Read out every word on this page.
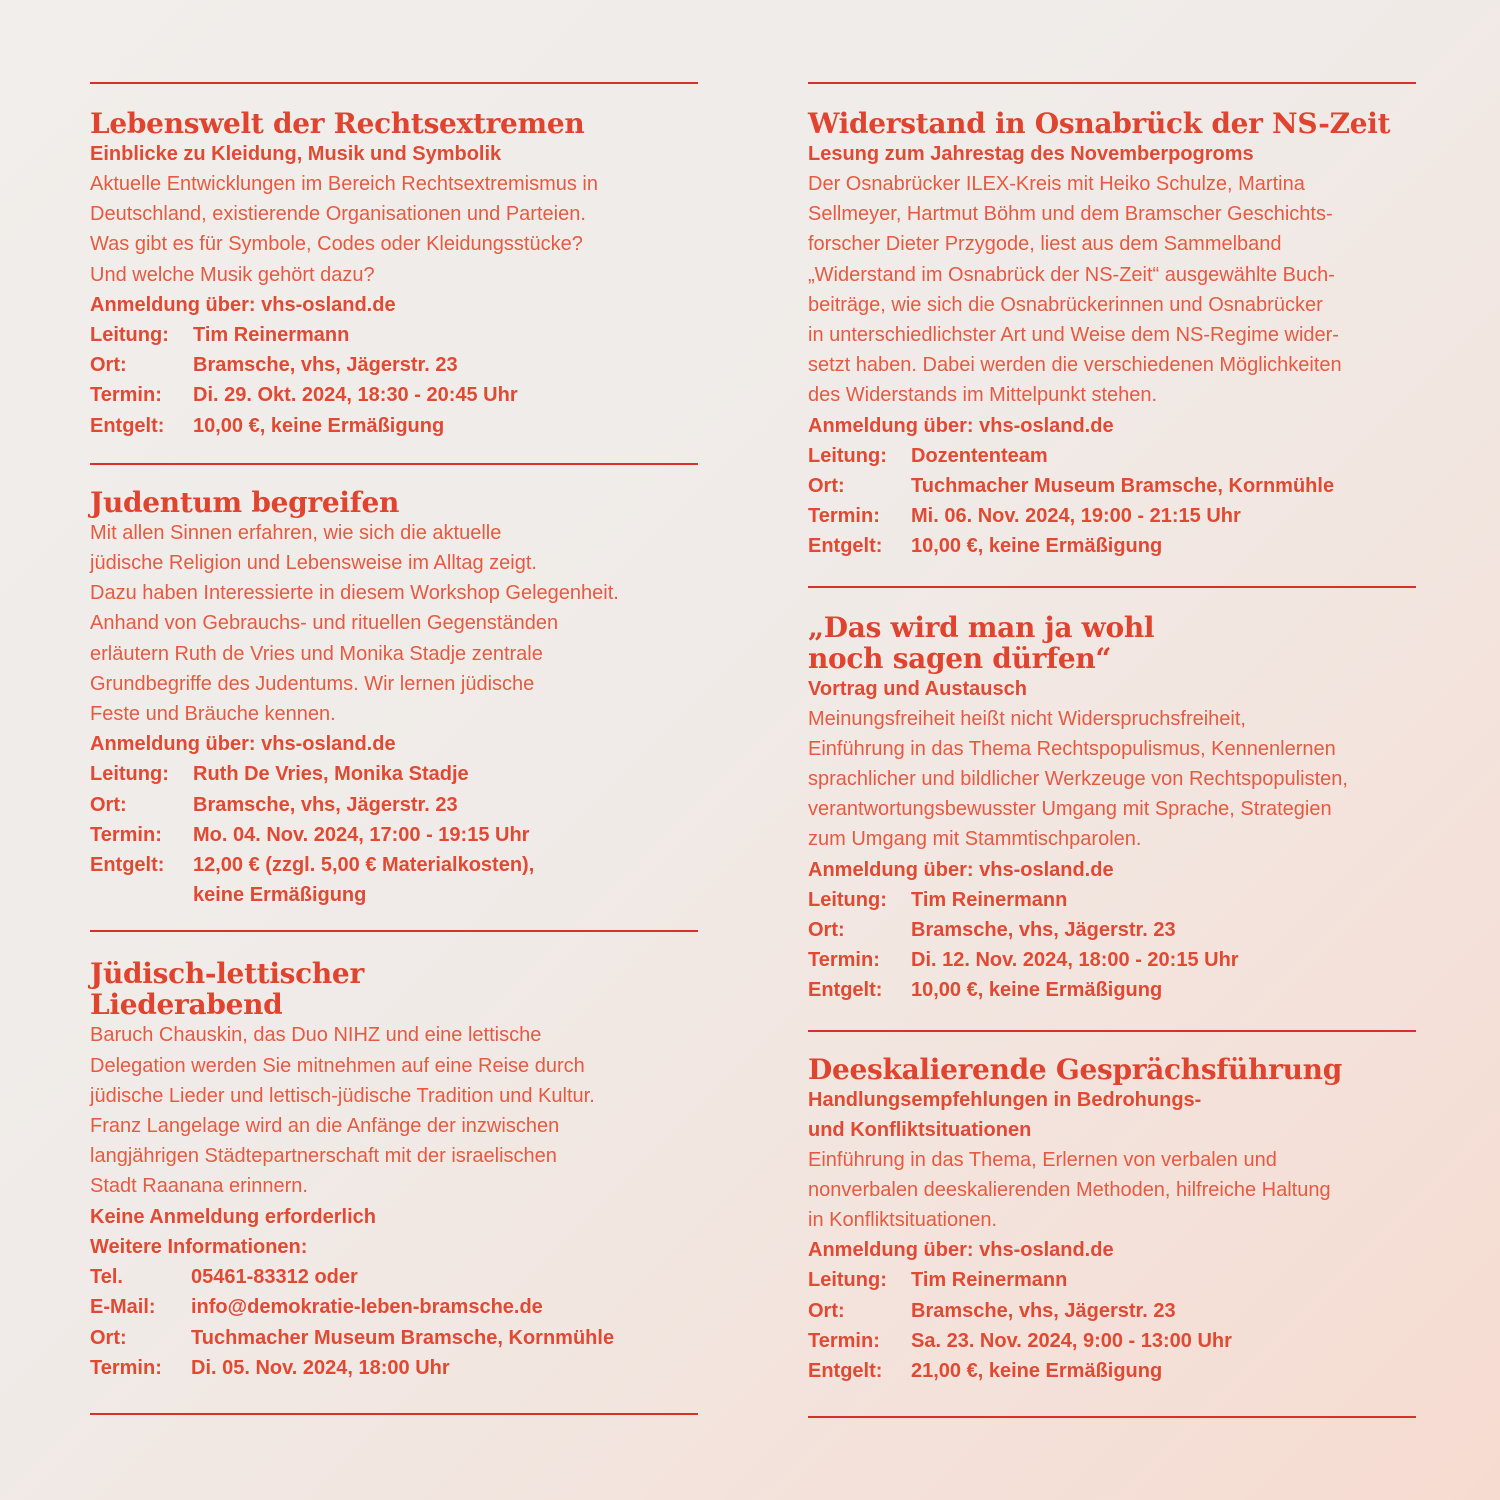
Lebenswelt der Rechtsextremen
Einblicke zu Kleidung, Musik und Symbolik
Aktuelle Entwicklungen im Bereich Rechtsextremismus in
Deutschland, existierende Organisationen und Parteien.
Was gibt es für Symbole, Codes oder Kleidungsstücke?
Und welche Musik gehört dazu?
Anmeldung über: vhs-osland.de
Leitung:	Tim Reinermann
Ort:	Bramsche, vhs, Jägerstr. 23
Termin:	Di. 29. Okt. 2024, 18:30 - 20:45 Uhr
Entgelt:	10,00 €, keine Ermäßigung
Judentum begreifen
Mit allen Sinnen erfahren, wie sich die aktuelle
jüdische Religion und Lebensweise im Alltag zeigt.
Dazu haben Interessierte in diesem Workshop Gelegenheit.
Anhand von Gebrauchs- und rituellen Gegenständen
erläutern Ruth de Vries und Monika Stadje zentrale
Grundbegriffe des Judentums. Wir lernen jüdische
Feste und Bräuche kennen.
Anmeldung über: vhs-osland.de
Leitung:	Ruth De Vries, Monika Stadje
Ort:	Bramsche, vhs, Jägerstr. 23
Termin:	Mo. 04. Nov. 2024, 17:00 - 19:15 Uhr
Entgelt:	12,00 € (zzgl. 5,00 € Materialkosten),
keine Ermäßigung
Jüdisch-lettischer
Liederabend
Baruch Chauskin, das Duo NIHZ und eine lettische
Delegation werden Sie mitnehmen auf eine Reise durch
jüdische Lieder und lettisch-jüdische Tradition und Kultur.
Franz Langelage wird an die Anfänge der inzwischen
langjährigen Städtepartnerschaft mit der israelischen
Stadt Raanana erinnern.
Keine Anmeldung erforderlich
Weitere Informationen:
Tel.	05461-83312 oder
E-Mail:	info@demokratie-leben-bramsche.de
Ort:	Tuchmacher Museum Bramsche, Kornmühle
Termin:	Di. 05. Nov. 2024, 18:00 Uhr
Widerstand in Osnabrück der NS-Zeit
Lesung zum Jahrestag des Novemberpogroms
Der Osnabrücker ILEX-Kreis mit Heiko Schulze, Martina
Sellmeyer, Hartmut Böhm und dem Bramscher Geschichts-
forscher Dieter Przygode, liest aus dem Sammelband
„Widerstand im Osnabrück der NS-Zeit“ ausgewählte Buch-
beiträge, wie sich die Osnabrückerinnen und Osnabrücker
in unterschiedlichster Art und Weise dem NS-Regime wider-
setzt haben. Dabei werden die verschiedenen Möglichkeiten
des Widerstands im Mittelpunkt stehen.
Anmeldung über: vhs-osland.de
Leitung:	Dozententeam
Ort:	Tuchmacher Museum Bramsche, Kornmühle
Termin:	Mi. 06. Nov. 2024, 19:00 - 21:15 Uhr
Entgelt:	10,00 €, keine Ermäßigung
„Das wird man ja wohl
noch sagen dürfen“
Vortrag und Austausch
Meinungsfreiheit heißt nicht Widerspruchsfreiheit,
Einführung in das Thema Rechtspopulismus, Kennenlernen
sprachlicher und bildlicher Werkzeuge von Rechtspopulisten,
verantwortungsbewusster Umgang mit Sprache, Strategien
zum Umgang mit Stammtischparolen.
Anmeldung über: vhs-osland.de
Leitung:	Tim Reinermann
Ort:	Bramsche, vhs, Jägerstr. 23
Termin:	Di. 12. Nov. 2024, 18:00 - 20:15 Uhr
Entgelt:	10,00 €, keine Ermäßigung
Deeskalierende Gesprächsführung
Handlungsempfehlungen in Bedrohungs-
und Konfliktsituationen
Einführung in das Thema, Erlernen von verbalen und
nonverbalen deeskalierenden Methoden, hilfreiche Haltung
in Konfliktsituationen.
Anmeldung über: vhs-osland.de
Leitung:	Tim Reinermann
Ort:	Bramsche, vhs, Jägerstr. 23
Termin:	Sa. 23. Nov. 2024, 9:00 - 13:00 Uhr
Entgelt:	21,00 €, keine Ermäßigung
